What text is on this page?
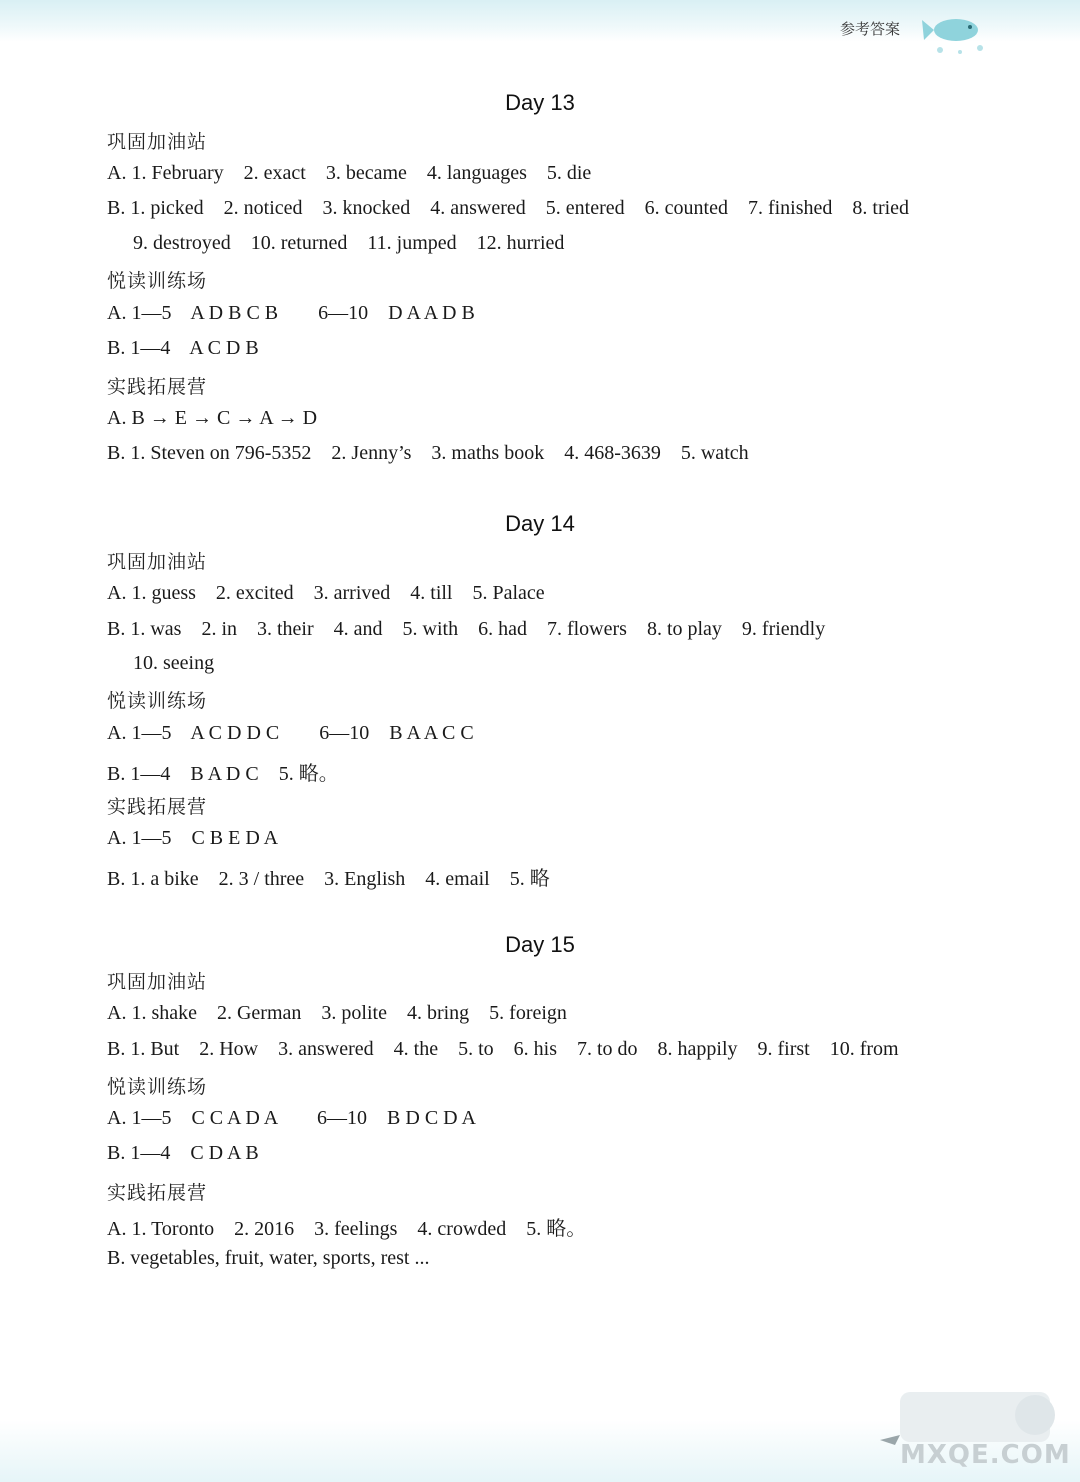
参考答案
Day 13
巩固加油站
A. 1. February    2. exact    3. became    4. languages    5. die
B. 1. picked    2. noticed    3. knocked    4. answered    5. entered    6. counted    7. finished    8. tried
9. destroyed    10. returned    11. jumped    12. hurried
悦读训练场
A. 1—5    A D B C B        6—10    D A A D B
B. 1—4    A C D B
实践拓展营
A. B → E → C → A → D
B. 1. Steven on 796-5352    2. Jenny’s    3. maths book    4. 468-3639    5. watch
Day 14
巩固加油站
A. 1. guess    2. excited    3. arrived    4. till    5. Palace
B. 1. was    2. in    3. their    4. and    5. with    6. had    7. flowers    8. to play    9. friendly
10. seeing
悦读训练场
A. 1—5    A C D D C        6—10    B A A C C
B. 1—4    B A D C    5. 略。
实践拓展营
A. 1—5    C B E D A
B. 1. a bike    2. 3 / three    3. English    4. email    5. 略
Day 15
巩固加油站
A. 1. shake    2. German    3. polite    4. bring    5. foreign
B. 1. But    2. How    3. answered    4. the    5. to    6. his    7. to do    8. happily    9. first    10. from
悦读训练场
A. 1—5    C C A D A        6—10    B D C D A
B. 1—4    C D A B
实践拓展营
A. 1. Toronto    2. 2016    3. feelings    4. crowded    5. 略。
B. vegetables, fruit, water, sports, rest ...
MXQE.COM
